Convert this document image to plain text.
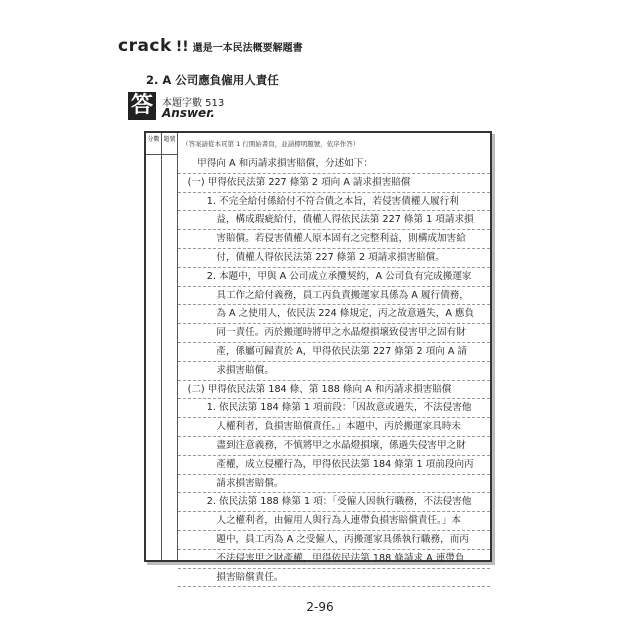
crack !! 還是一本民法概要解題書
2. A 公司應負僱用人責任
答 本題字數 513
Answer.
分數 題號
（答案請從本頁第 1 行開始書寫，並請標明題號，依序作答）
　　甲得向 A 和丙請求損害賠償，分述如下：
　(一) 甲得依民法第 227 條第 2 項向 A 請求損害賠償
　　　1. 不完全給付係給付不符合債之本旨，若侵害債權人履行利
　　　　益，構成瑕疵給付，債權人得依民法第 227 條第 1 項請求損
　　　　害賠償。若侵害債權人原本固有之完整利益，則構成加害給
　　　　付，債權人得依民法第 227 條第 2 項請求損害賠償。
　　　2. 本題中，甲與 A 公司成立承攬契約，A 公司負有完成搬運家
　　　　具工作之給付義務，員工丙負責搬運家具係為 A 履行債務，
　　　　為 A 之使用人，依民法 224 條規定，丙之故意過失，A 應負
　　　　同一責任。丙於搬運時將甲之水晶燈損壞致侵害甲之固有財
　　　　產，係屬可歸責於 A，甲得依民法第 227 條第 2 項向 A 請
　　　　求損害賠償。
　(二) 甲得依民法第 184 條、第 188 條向 A 和丙請求損害賠償
　　　1. 依民法第 184 條第 1 項前段：「因故意或過失，不法侵害他
　　　　人權利者，負損害賠償責任。」本題中，丙於搬運家具時未
　　　　盡到注意義務，不慎將甲之水晶燈損壞，係過失侵害甲之財
　　　　產權，成立侵權行為，甲得依民法第 184 條第 1 項前段向丙
　　　　請求損害賠償。
　　　2. 依民法第 188 條第 1 項：「受僱人因執行職務，不法侵害他
　　　　人之權利者，由僱用人與行為人連帶負損害賠償責任。」本
　　　　題中，員工丙為 A 之受僱人，丙搬運家具係執行職務，而丙
　　　　不法侵害甲之財產權，甲得依民法第 188 條請求 A 連帶負
　　　　損害賠償責任。
2-96
